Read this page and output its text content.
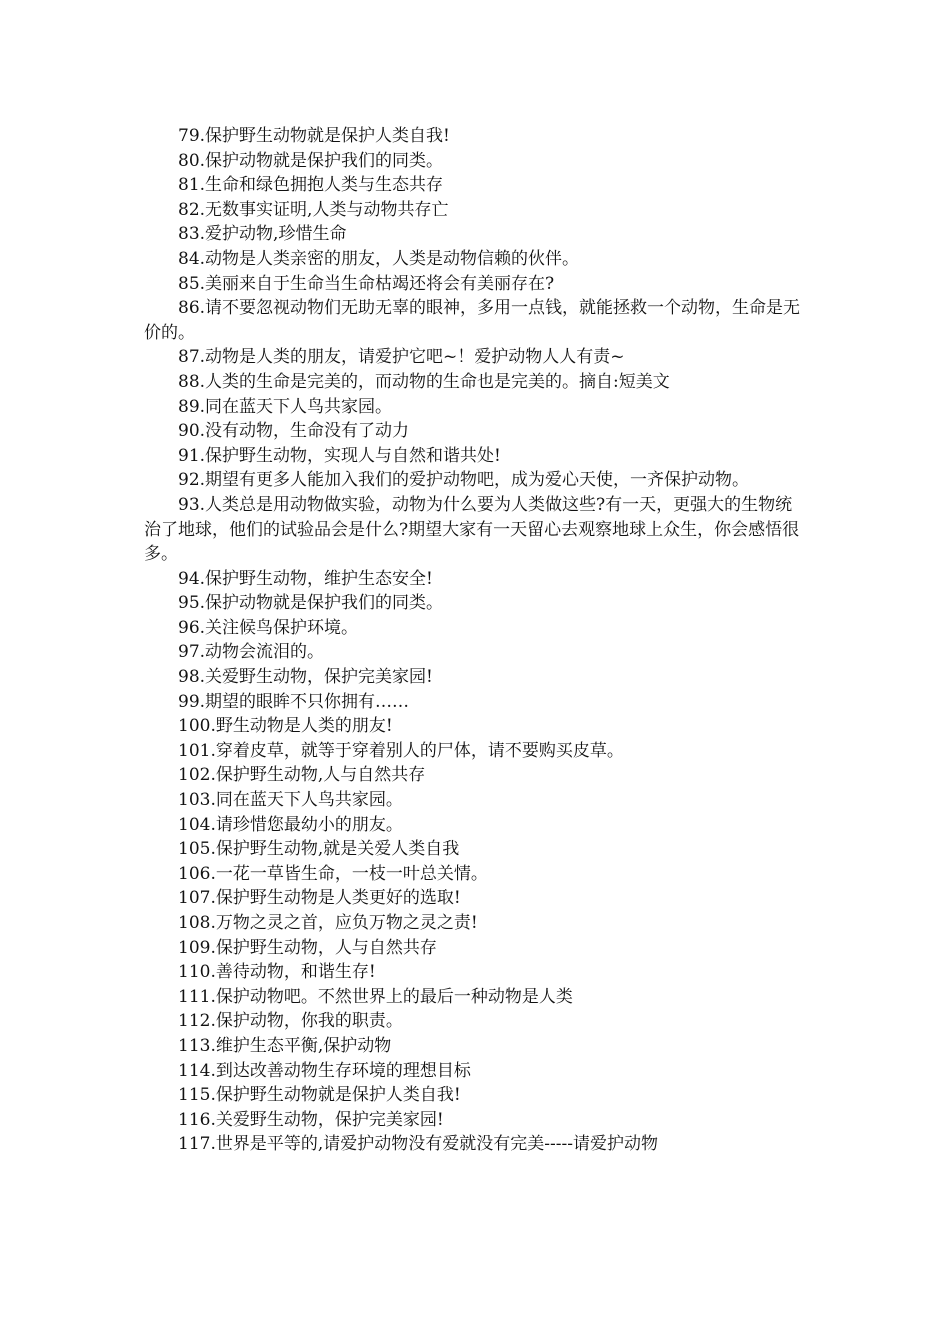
79.保护野生动物就是保护人类自我!

80.保护动物就是保护我们的同类。

81.生命和绿色拥抱人类与生态共存

82.无数事实证明,人类与动物共存亡

83.爱护动物,珍惜生命

84.动物是人类亲密的朋友，人类是动物信赖的伙伴。

85.美丽来自于生命当生命枯竭还将会有美丽存在?

86.请不要忽视动物们无助无辜的眼神，多用一点钱，就能拯救一个动物，生命是无价的。

87.动物是人类的朋友，请爱护它吧~！爱护动物人人有责~

88.人类的生命是完美的，而动物的生命也是完美的。摘自:短美文

89.同在蓝天下人鸟共家园。

90.没有动物，生命没有了动力

91.保护野生动物，实现人与自然和谐共处!

92.期望有更多人能加入我们的爱护动物吧，成为爱心天使，一齐保护动物。

93.人类总是用动物做实验，动物为什么要为人类做这些?有一天，更强大的生物统治了地球，他们的试验品会是什么?期望大家有一天留心去观察地球上众生，你会感悟很多。

94.保护野生动物，维护生态安全!

95.保护动物就是保护我们的同类。

96.关注候鸟保护环境。

97.动物会流泪的。

98.关爱野生动物，保护完美家园!

99.期望的眼眸不只你拥有……

100.野生动物是人类的朋友!

101.穿着皮草，就等于穿着别人的尸体，请不要购买皮草。

102.保护野生动物,人与自然共存

103.同在蓝天下人鸟共家园。

104.请珍惜您最幼小的朋友。

105.保护野生动物,就是关爱人类自我

106.一花一草皆生命，一枝一叶总关情。

107.保护野生动物是人类更好的选取!

108.万物之灵之首，应负万物之灵之责!

109.保护野生动物，人与自然共存

110.善待动物，和谐生存!

111.保护动物吧。不然世界上的最后一种动物是人类

112.保护动物，你我的职责。

113.维护生态平衡,保护动物

114.到达改善动物生存环境的理想目标

115.保护野生动物就是保护人类自我!

116.关爱野生动物，保护完美家园!

117.世界是平等的,请爱护动物没有爱就没有完美-----请爱护动物
